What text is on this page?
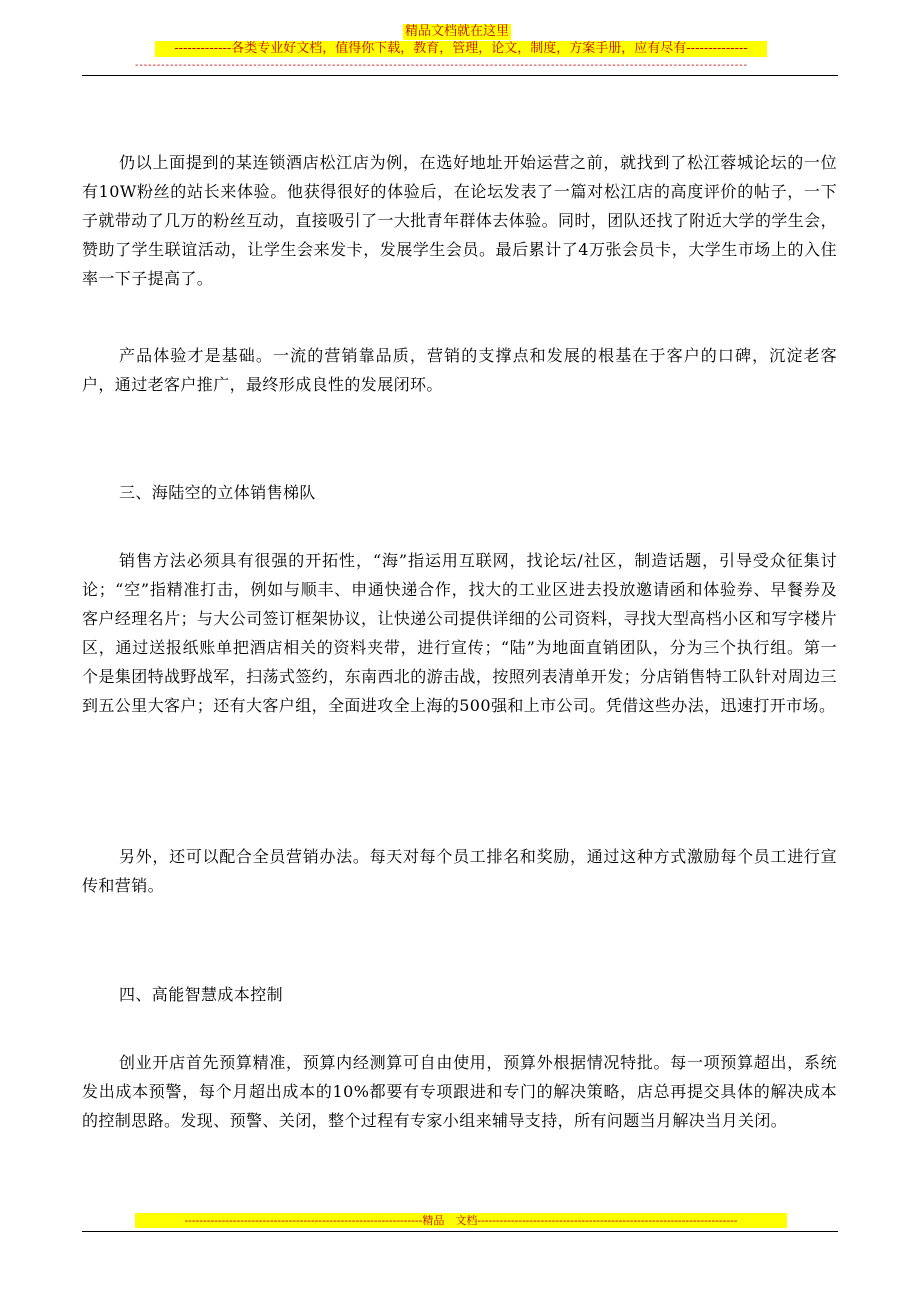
精品文档就在这里
-------------各类专业好文档，值得你下载，教育，管理，论文，制度，方案手册，应有尽有--------------
--------------------------------------------------------------------------------------------------------------------------------------------

仍以上面提到的某连锁酒店松江店为例，在选好地址开始运营之前，就找到了松江蓉城论坛的一位有10W粉丝的站长来体验。他获得很好的体验后，在论坛发表了一篇对松江店的高度评价的帖子，一下子就带动了几万的粉丝互动，直接吸引了一大批青年群体去体验。同时，团队还找了附近大学的学生会，赞助了学生联谊活动，让学生会来发卡，发展学生会员。最后累计了4万张会员卡，大学生市场上的入住率一下子提高了。

产品体验才是基础。一流的营销靠品质，营销的支撑点和发展的根基在于客户的口碑，沉淀老客户，通过老客户推广，最终形成良性的发展闭环。

三、海陆空的立体销售梯队

销售方法必须具有很强的开拓性，“海”指运用互联网，找论坛/社区，制造话题，引导受众征集讨论；“空”指精准打击，例如与顺丰、申通快递合作，找大的工业区进去投放邀请函和体验券、早餐券及客户经理名片；与大公司签订框架协议，让快递公司提供详细的公司资料，寻找大型高档小区和写字楼片区，通过送报纸账单把酒店相关的资料夹带，进行宣传；“陆”为地面直销团队，分为三个执行组。第一个是集团特战野战军，扫荡式签约，东南西北的游击战，按照列表清单开发；分店销售特工队针对周边三到五公里大客户；还有大客户组，全面进攻全上海的500强和上市公司。凭借这些办法，迅速打开市场。

另外，还可以配合全员营销办法。每天对每个员工排名和奖励，通过这种方式激励每个员工进行宣传和营销。

四、高能智慧成本控制

创业开店首先预算精准，预算内经测算可自由使用，预算外根据情况特批。每一项预算超出，系统发出成本预警，每个月超出成本的10%都要有专项跟进和专门的解决策略，店总再提交具体的解决成本的控制思路。发现、预警、关闭，整个过程有专家小组来辅导支持，所有问题当月解决当月关闭。

----------------------------------------------------------------精品　文档----------------------------------------------------------------------
